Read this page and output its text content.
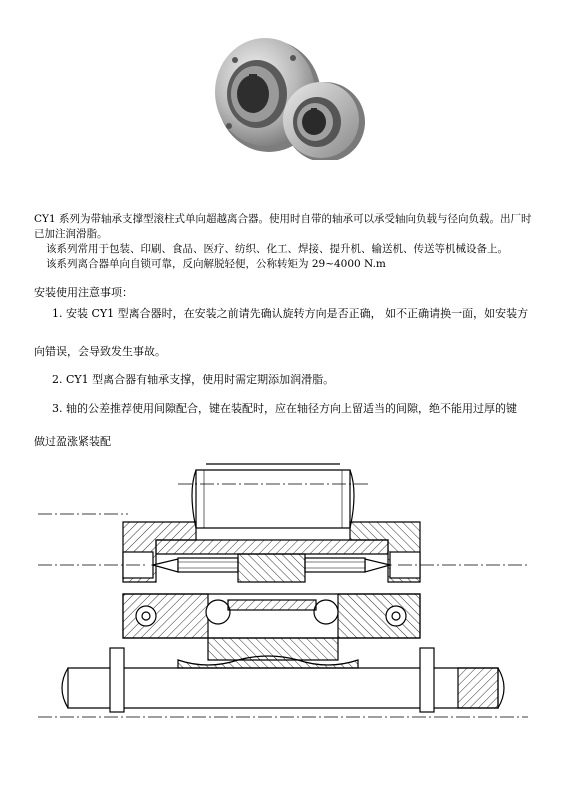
CY1 系列为带轴承支撑型滚柱式单向超越离合器。使用时自带的轴承可以承受轴向负载与径向负载。出厂时

已加注润滑脂。

该系列常用于包装、印刷、食品、医疗、纺织、化工、焊接、提升机、输送机、传送等机械设备上。

该系列离合器单向自锁可靠，反向解脱轻便，公称转矩为 29~4000 N.m

安装使用注意事项：

1. 安装 CY1 型离合器时，在安装之前请先确认旋转方向是否正确， 如不正确请换一面，如安装方

向错误，会导致发生事故。

2. CY1 型离合器有轴承支撑，使用时需定期添加润滑脂。

3. 轴的公差推荐使用间隙配合，键在装配时，应在轴径方向上留适当的间隙，绝不能用过厚的键

做过盈涨紧装配
